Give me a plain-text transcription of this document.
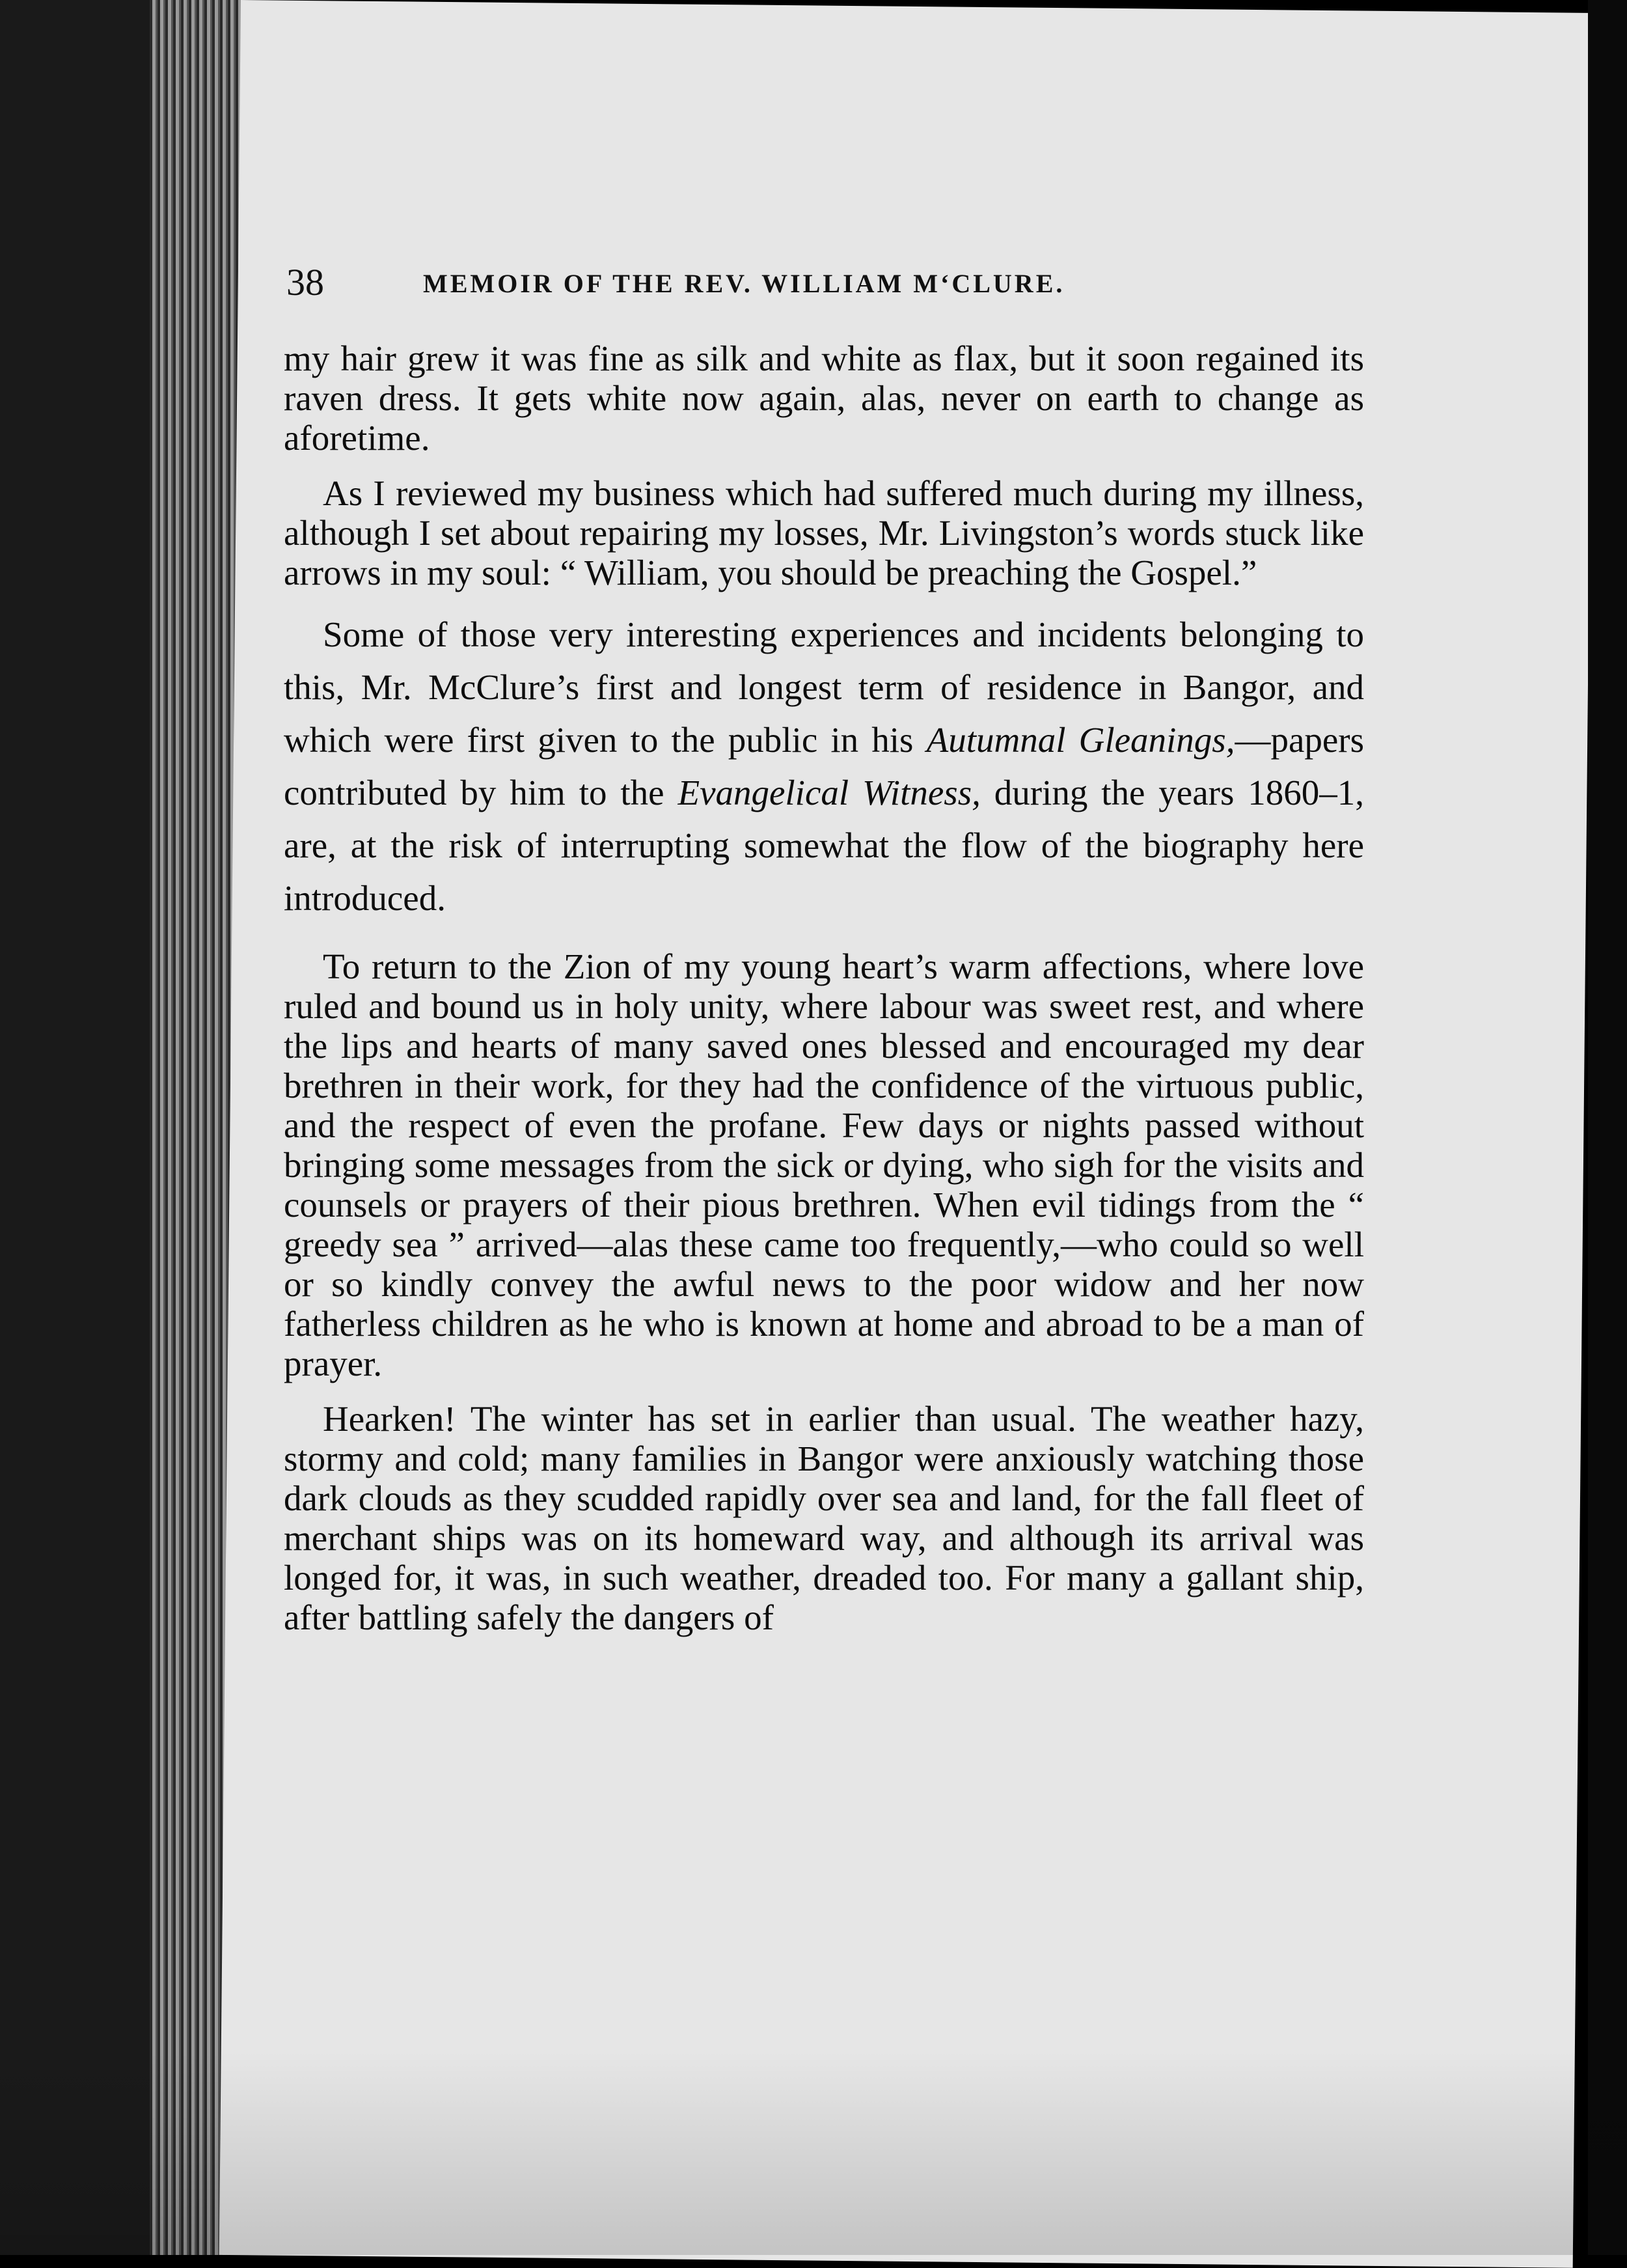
38	MEMOIR OF THE REV. WILLIAM M‘CLURE.

my hair grew it was fine as silk and white as flax, but it soon regained its raven dress. It gets white now again, alas, never on earth to change as aforetime.

As I reviewed my business which had suffered much during my illness, although I set about repairing my losses, Mr. Livingston’s words stuck like arrows in my soul: “ William, you should be preaching the Gospel.”

Some of those very interesting experiences and incidents belonging to this, Mr. McClure’s first and longest term of residence in Bangor, and which were first given to the public in his Autumnal Gleanings,—papers contributed by him to the Evangelical Witness, during the years 1860–1, are, at the risk of interrupting somewhat the flow of the biography here introduced.

To return to the Zion of my young heart’s warm affections, where love ruled and bound us in holy unity, where labour was sweet rest, and where the lips and hearts of many saved ones blessed and encouraged my dear brethren in their work, for they had the confidence of the virtuous public, and the respect of even the profane. Few days or nights passed without bringing some messages from the sick or dying, who sigh for the visits and counsels or prayers of their pious brethren. When evil tidings from the “ greedy sea ” arrived—alas these came too frequently,—who could so well or so kindly convey the awful news to the poor widow and her now fatherless children as he who is known at home and abroad to be a man of prayer.

Hearken! The winter has set in earlier than usual. The weather hazy, stormy and cold; many families in Bangor were anxiously watching those dark clouds as they scudded rapidly over sea and land, for the fall fleet of merchant ships was on its homeward way, and although its arrival was longed for, it was, in such weather, dreaded too. For many a gallant ship, after battling safely the dangers of
